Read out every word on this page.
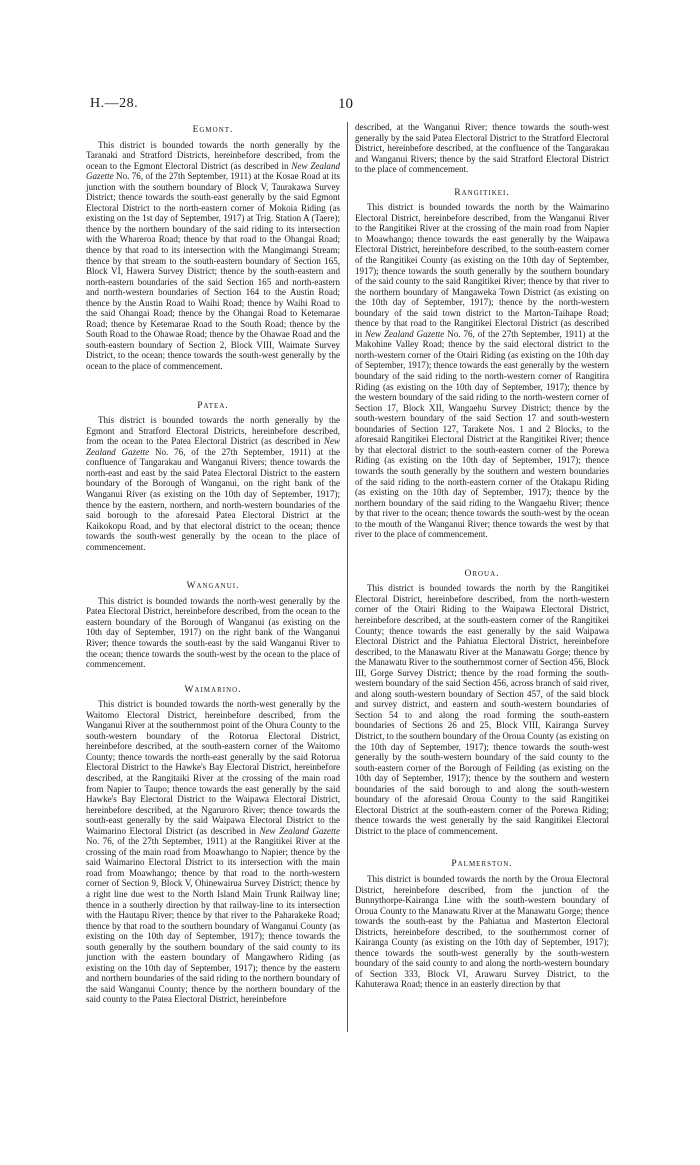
H.—28.	10
Egmont.

This district is bounded towards the north generally by the Taranaki and Stratford Districts, hereinbefore described, from the ocean to the Egmont Electoral District (as described in New Zealand Gazette No. 76, of the 27th September, 1911) at the Kosae Road at its junction with the southern boundary of Block V, Taurakawa Survey District; thence towards the south-east generally by the said Egmont Electoral District to the north-eastern corner of Mokoia Riding (as existing on the 1st day of September, 1917) at Trig. Station A (Taere); thence by the northern boundary of the said riding to its intersection with the Whareroa Road; thence by that road to the Ohangai Road; thence by that road to its intersection with the Mangimangi Stream; thence by that stream to the south-eastern boundary of Section 165, Block VI, Hawera Survey District; thence by the south-eastern and north-eastern boundaries of the said Section 165 and north-eastern and north-western boundaries of Section 164 to the Austin Road; thence by the Austin Road to Waihi Road; thence by Waihi Road to the said Ohangai Road; thence by the Ohangai Road to Ketemarae Road; thence by Ketemarae Road to the South Road; thence by the South Road to the Ohawae Road; thence by the Ohawae Road and the south-eastern boundary of Section 2, Block VIII, Waimate Survey District, to the ocean; thence towards the south-west generally by the ocean to the place of commencement.

Patea.

This district is bounded towards the north generally by the Egmont and Stratford Electoral Districts, hereinbefore described, from the ocean to the Patea Electoral District (as described in New Zealand Gazette No. 76, of the 27th September, 1911) at the confluence of Tangarakau and Wanganui Rivers; thence towards the north-east and east by the said Patea Electoral District to the eastern boundary of the Borough of Wanganui, on the right bank of the Wanganui River (as existing on the 10th day of September, 1917); thence by the eastern, northern, and north-western boundaries of the said borough to the aforesaid Patea Electoral District at the Kaikokopu Road, and by that electoral district to the ocean; thence towards the south-west generally by the ocean to the place of commencement.

Wanganui.

This district is bounded towards the north-west generally by the Patea Electoral District, hereinbefore described, from the ocean to the eastern boundary of the Borough of Wanganui (as existing on the 10th day of September, 1917) on the right bank of the Wanganui River; thence towards the south-east by the said Wanganui River to the ocean; thence towards the south-west by the ocean to the place of commencement.

Waimarino.

This district is bounded towards the north-west generally by the Waitomo Electoral District, hereinbefore described, from the Wanganui River at the southernmost point of the Ohura County to the south-western boundary of the Rotorua Electoral District, hereinbefore described, at the south-eastern corner of the Waitomo County; thence towards the north-east generally by the said Rotorua Electoral District to the Hawke's Bay Electoral District, hereinbefore described, at the Rangitaiki River at the crossing of the main road from Napier to Taupo; thence towards the east generally by the said Hawke's Bay Electoral District to the Waipawa Electoral District, hereinbefore described, at the Ngaruroro River; thence towards the south-east generally by the said Waipawa Electoral District to the Waimarino Electoral District (as described in New Zealand Gazette No. 76, of the 27th September, 1911) at the Rangitikei River at the crossing of the main road from Moawhango to Napier; thence by the said Waimarino Electoral District to its intersection with the main road from Moawhango; thence by that road to the north-western corner of Section 9, Block V, Ohinewairua Survey District; thence by a right line due west to the North Island Main Trunk Railway line; thence in a southerly direction by that railway-line to its intersection with the Hautapu River; thence by that river to the Paharakeke Road; thence by that road to the southern boundary of Wanganui County (as existing on the 10th day of September, 1917); thence towards the south generally by the southern boundary of the said county to its junction with the eastern boundary of Mangawhero Riding (as existing on the 10th day of September, 1917); thence by the eastern and northern boundaries of the said riding to the northern boundary of the said Wanganui County; thence by the northern boundary of the said county to the Patea Electoral District, hereinbefore

described, at the Wanganui River; thence towards the south-west generally by the said Patea Electoral District to the Stratford Electoral District, hereinbefore described, at the confluence of the Tangarakau and Wanganui Rivers; thence by the said Stratford Electoral District to the place of commencement.

Rangitikei.

This district is bounded towards the north by the Waimarino Electoral District, hereinbefore described, from the Wanganui River to the Rangitikei River at the crossing of the main road from Napier to Moawhango; thence towards the east generally by the Waipawa Electoral District, hereinbefore described, to the south-eastern corner of the Rangitikei County (as existing on the 10th day of September, 1917); thence towards the south generally by the southern boundary of the said county to the said Rangitikei River; thence by that river to the northern boundary of Mangaweka Town District (as existing on the 10th day of September, 1917); thence by the north-western boundary of the said town district to the Marton-Taihape Road; thence by that road to the Rangitikei Electoral District (as described in New Zealand Gazette No. 76, of the 27th September, 1911) at the Makohine Valley Road; thence by the said electoral district to the north-western corner of the Otairi Riding (as existing on the 10th day of September, 1917); thence towards the east generally by the western boundary of the said riding to the north-western corner of Rangitira Riding (as existing on the 10th day of September, 1917); thence by the western boundary of the said riding to the north-western corner of Section 17, Block XII, Wangaehu Survey District; thence by the south-western boundary of the said Section 17 and south-western boundaries of Section 127, Tarakete Nos. 1 and 2 Blocks, to the aforesaid Rangitikei Electoral District at the Rangitikei River; thence by that electoral district to the south-eastern corner of the Porewa Riding (as existing on the 10th day of September, 1917); thence towards the south generally by the southern and western boundaries of the said riding to the north-eastern corner of the Otakapu Riding (as existing on the 10th day of September, 1917); thence by the northern boundary of the said riding to the Wangaehu River; thence by that river to the ocean; thence towards the south-west by the ocean to the mouth of the Wanganui River; thence towards the west by that river to the place of commencement.

Oroua.

This district is bounded towards the north by the Rangitikei Electoral District, hereinbefore described, from the north-western corner of the Otairi Riding to the Waipawa Electoral District, hereinbefore described, at the south-eastern corner of the Rangitikei County; thence towards the east generally by the said Waipawa Electoral District and the Pahiatua Electoral District, hereinbefore described, to the Manawatu River at the Manawatu Gorge; thence by the Manawatu River to the southernmost corner of Section 456, Block III, Gorge Survey District; thence by the road forming the south-western boundary of the said Section 456, across branch of said river, and along south-western boundary of Section 457, of the said block and survey district, and eastern and south-western boundaries of Section 54 to and along the road forming the south-eastern boundaries of Sections 26 and 25, Block VIII, Kairanga Survey District, to the southern boundary of the Oroua County (as existing on the 10th day of September, 1917); thence towards the south-west generally by the south-western boundary of the said county to the south-eastern corner of the Borough of Feilding (as existing on the 10th day of September, 1917); thence by the southern and western boundaries of the said borough to and along the south-western boundary of the aforesaid Oroua County to the said Rangitikei Electoral District at the south-eastern corner of the Porewa Riding; thence towards the west generally by the said Rangitikei Electoral District to the place of commencement.

Palmerston.

This district is bounded towards the north by the Oroua Electoral District, hereinbefore described, from the junction of the Bunnythorpe-Kairanga Line with the south-western boundary of Oroua County to the Manawatu River at the Manawatu Gorge; thence towards the south-east by the Pahiatua and Masterton Electoral Districts, hereinbefore described, to the southernmost corner of Kairanga County (as existing on the 10th day of September, 1917); thence towards the south-west generally by the south-western boundary of the said county to and along the north-western boundary of Section 333, Block VI, Arawaru Survey District, to the Kahuterawa Road; thence in an easterly direction by that
